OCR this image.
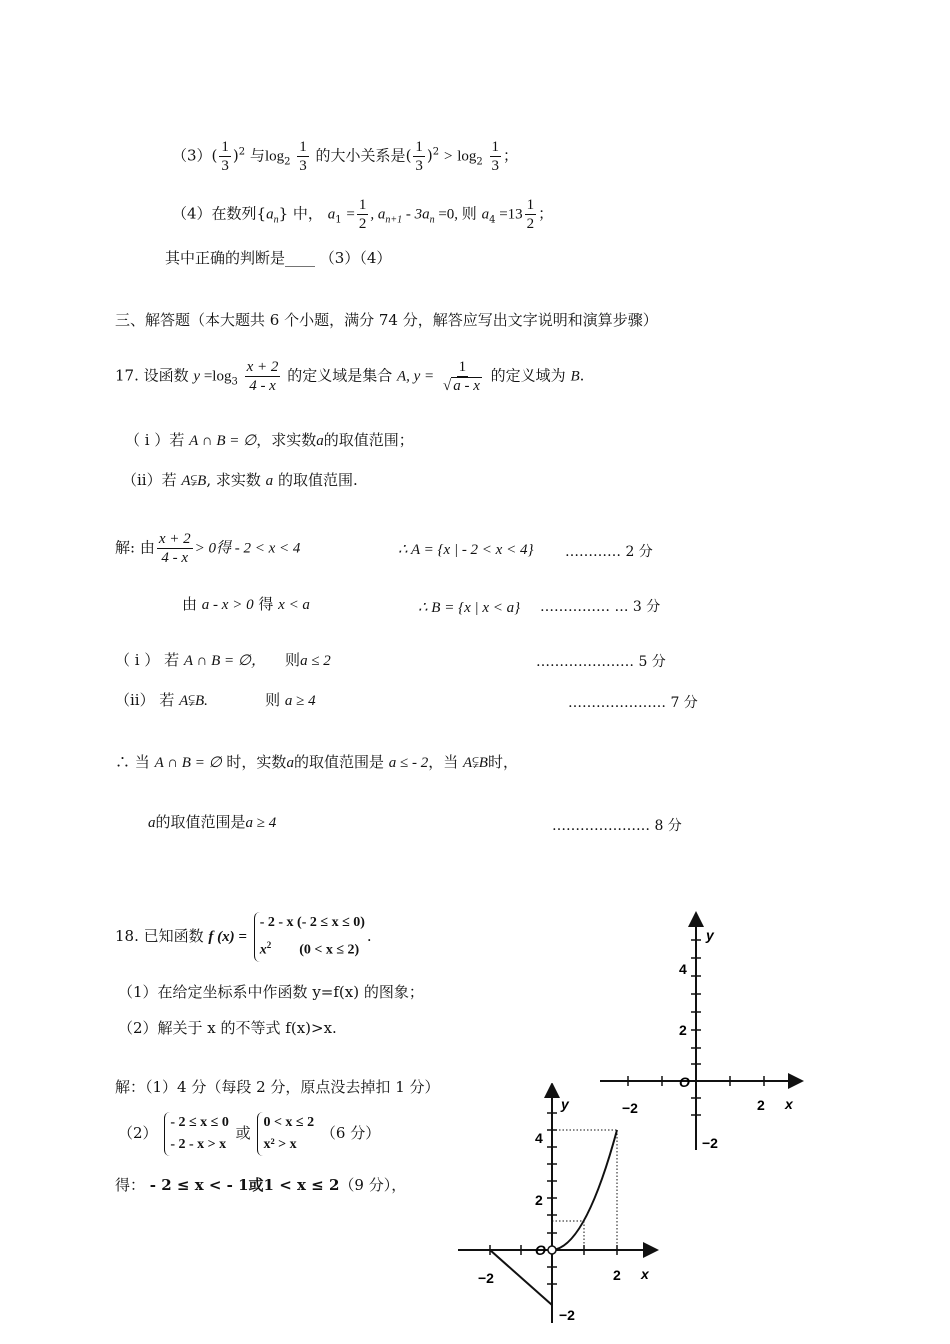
$(3)( \frac{1}{3} )^2$ 与$\log_2 \frac{1}{3}$ 的大小关系是( $\frac{1}{3} )^2 > \log_2 \frac{1}{3}$ ；
（4）在数列$\{a_n\}$ 中， $a_1 = \frac{1}{2}$ , $a_{n+1} - 3a_n =0$, 则 $a_4 =13 \frac{1}{2}$ ；
其中正确的判断是____ （3）（4）
三、解答题（本大题共 6 个小题，满分 74 分，解答应写出文字说明和演算步骤）
17. 设函数 $y =\log_3 \frac{x + 2}{4 - x}$ 的定义域是集合 A, $y = \frac{1}{√ a - x}$ 的定义域为 B.
（ i ）若 A ∩ B = ∅，求实数a的取值范围；
（ii）若 A⫋B, 求实数 a 的取值范围.
解: 由 $\frac{x + 2}{4 - x} > 0$得 - 2 < x < 4	∴ A = {x | - 2 < x < 4} ………… 2 分
由 a - x > 0 得 x < a	∴ B = {x | x < a} …………… … 3 分
（ i ） 若 A ∩ B = ∅， 则a ≤ 2	………………… 5 分
（ii） 若 A⫋B.	则 a ≥ 4	………………… 7 分
∴ 当 A ∩ B = ∅ 时，实数a的取值范围是 a ≤ - 2，当 A⫋B时，
a的取值范围是a ≥ 4	………………… 8 分
18. 已知函数 f (x) =
- 2 - x (- 2 ≤ x ≤ 0)
$x^2$ (0 < x ≤ 2)
.
（1）在给定坐标系中作函数 y=f(x) 的图象；
（2）解关于 x 的不等式 f(x)>x.
解：（1）4 分（每段 2 分，原点没去掉扣 1 分）
（2）
- 2 ≤ x ≤ 0
- 2 - x > x
或
0 < x ≤ 2
x² > x
（6 分）
得： - 2 ≤ x < - 1或1 < x ≤ 2（9 分），
y
4
2
O
−2	2 x
−2
y
4
2
O
−2	2 x
−2
